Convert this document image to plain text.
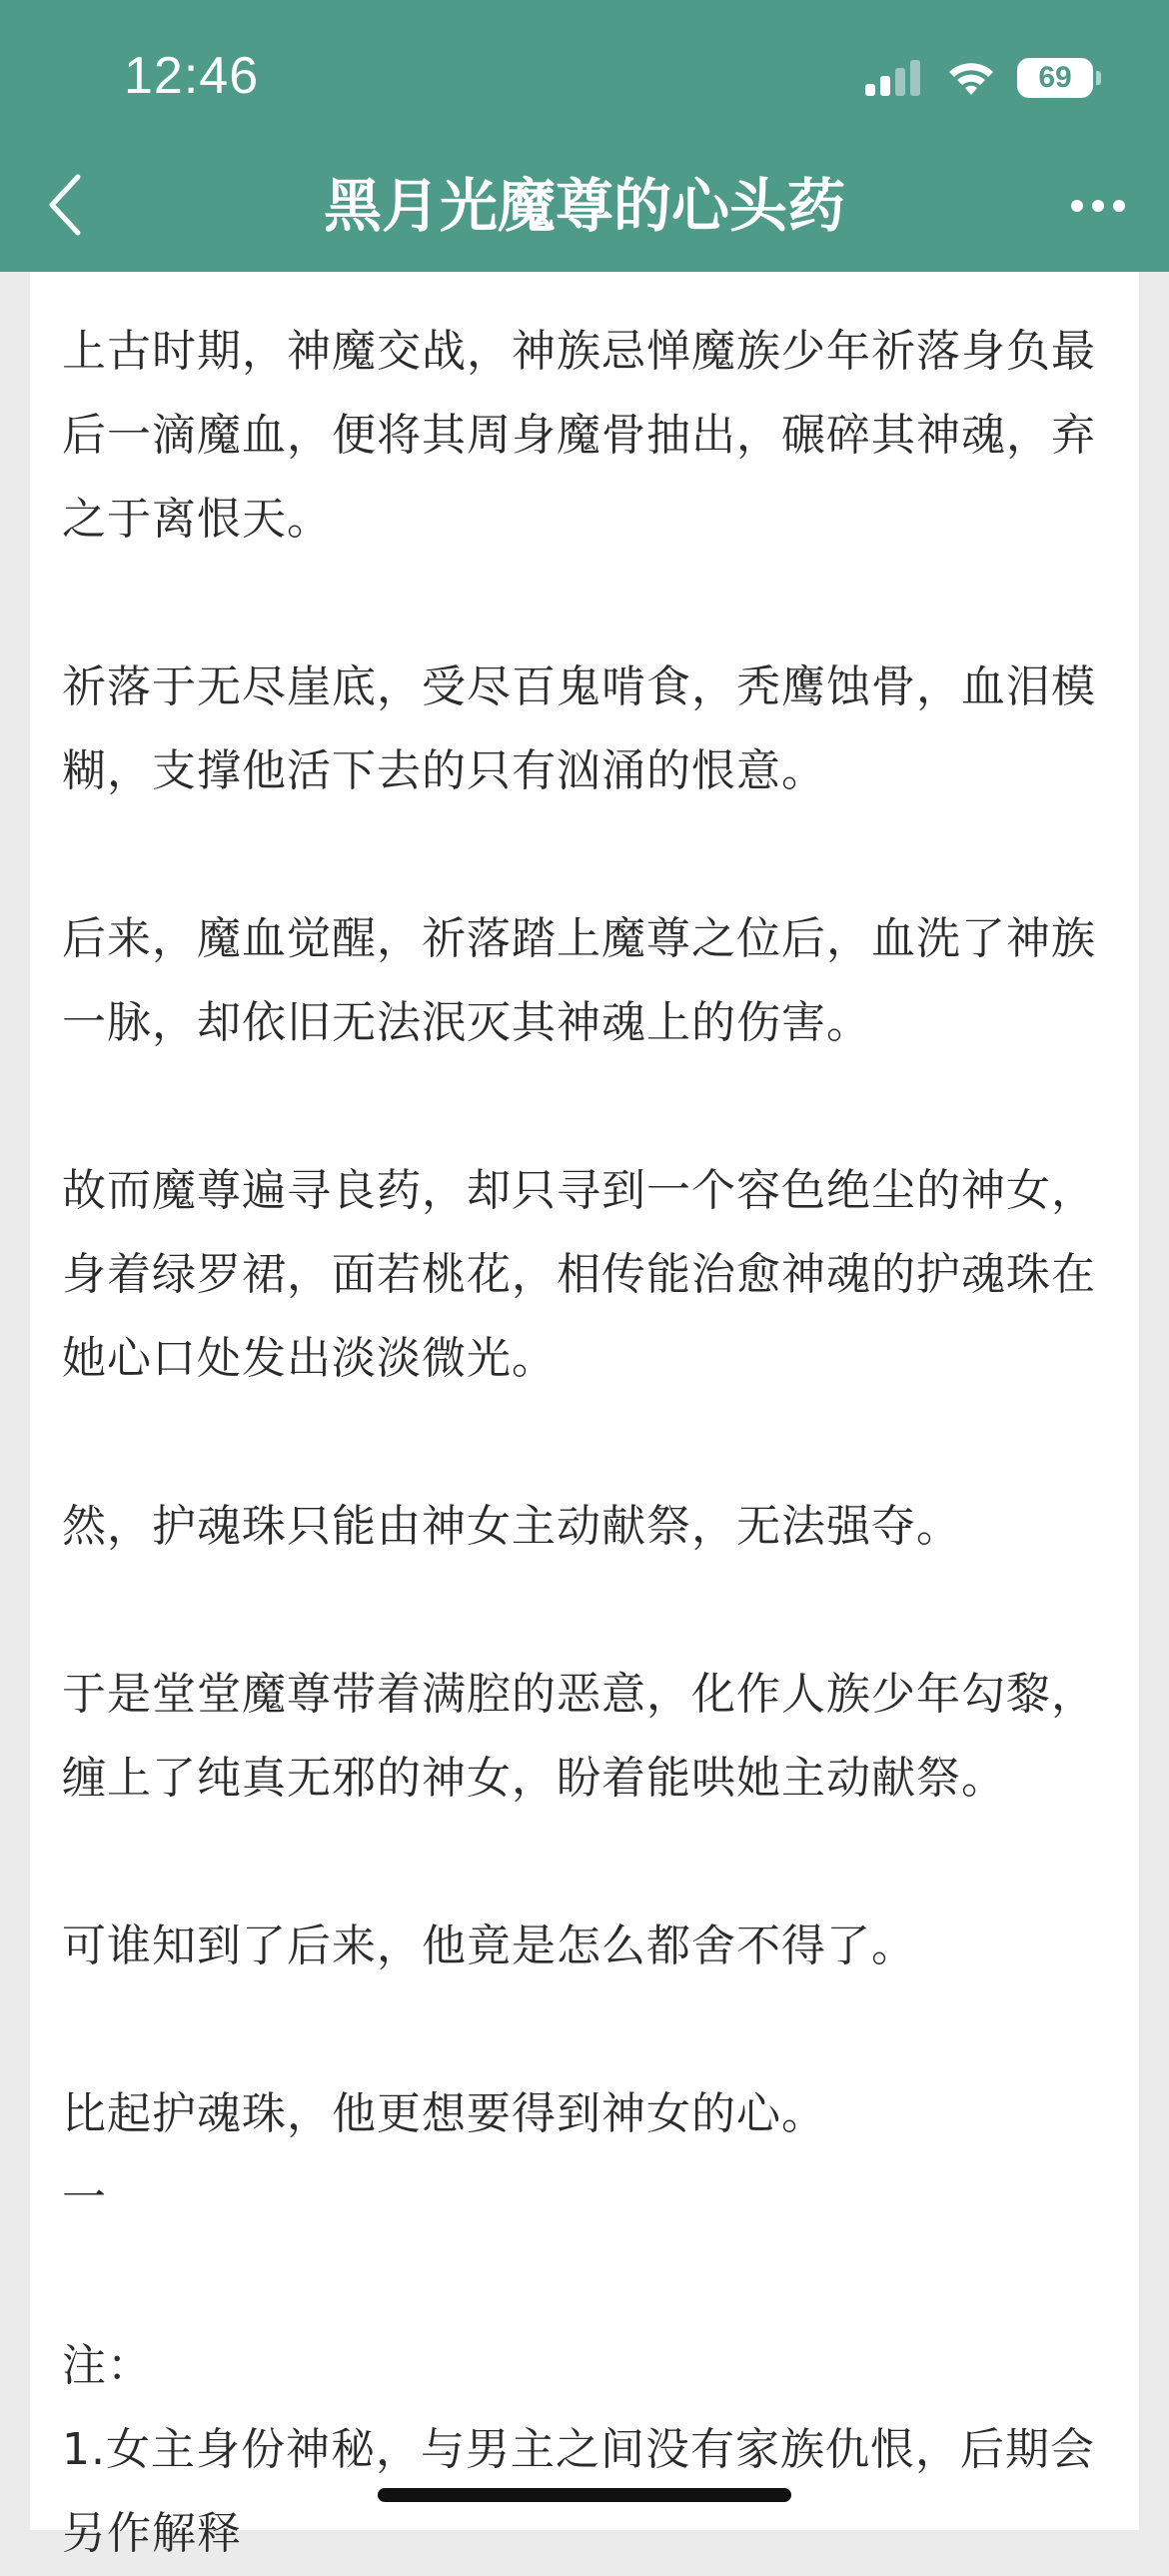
12:46	69
黑月光魔尊的心头药

上古时期，神魔交战，神族忌惮魔族少年祈落身负最后一滴魔血，便将其周身魔骨抽出，碾碎其神魂，弃之于离恨天。

祈落于无尽崖底，受尽百鬼啃食，秃鹰蚀骨，血泪模糊，支撑他活下去的只有汹涌的恨意。

后来，魔血觉醒，祈落踏上魔尊之位后，血洗了神族一脉，却依旧无法泯灭其神魂上的伤害。

故而魔尊遍寻良药，却只寻到一个容色绝尘的神女，身着绿罗裙，面若桃花，相传能治愈神魂的护魂珠在她心口处发出淡淡微光。

然，护魂珠只能由神女主动献祭，无法强夺。

于是堂堂魔尊带着满腔的恶意，化作人族少年勾黎，缠上了纯真无邪的神女，盼着能哄她主动献祭。

可谁知到了后来，他竟是怎么都舍不得了。

比起护魂珠，他更想要得到神女的心。

一

注：

1.女主身份神秘，与男主之间没有家族仇恨，后期会另作解释
